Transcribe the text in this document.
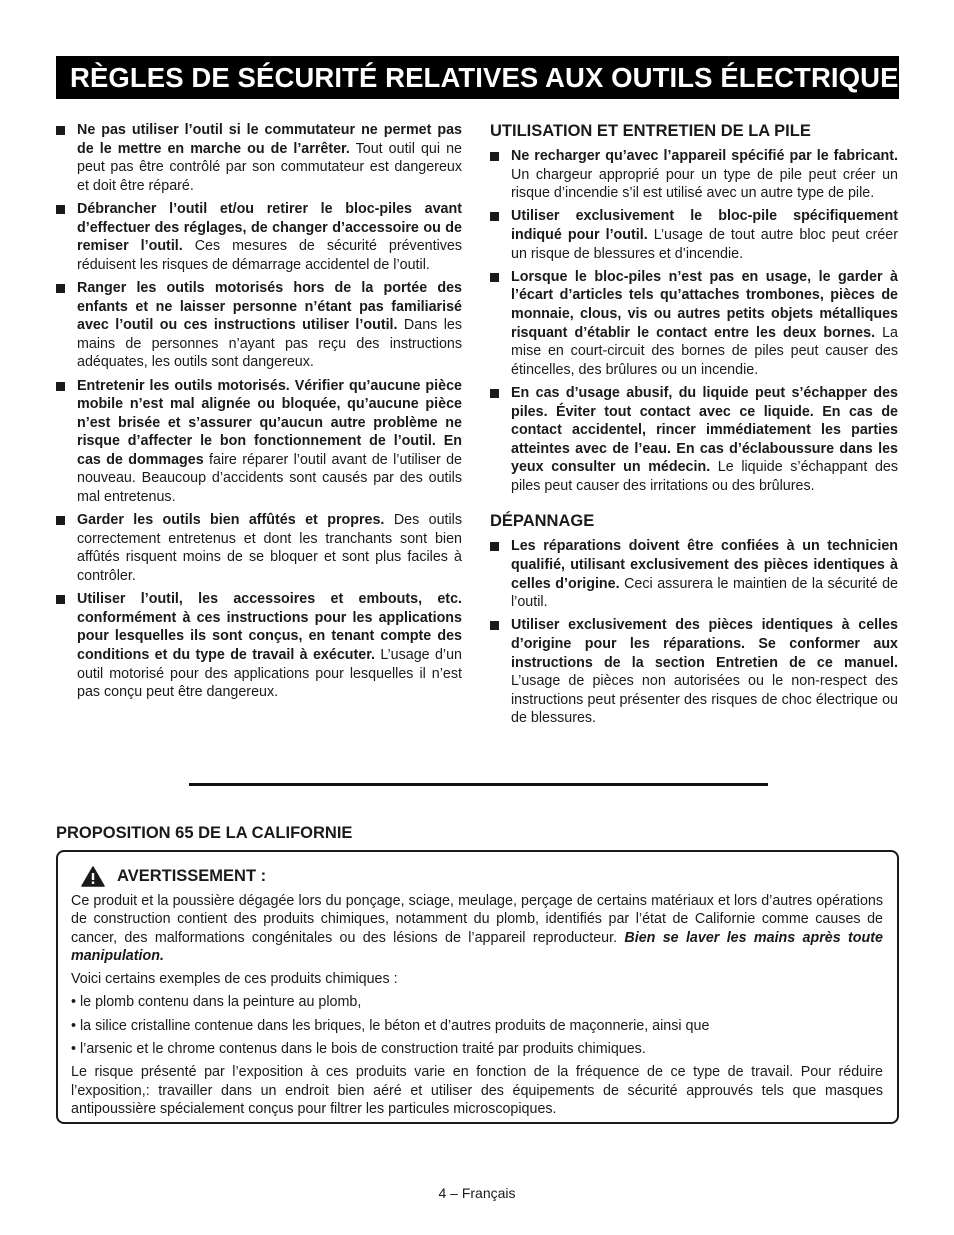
RÈGLES DE SÉCURITÉ RELATIVES AUX OUTILS ÉLECTRIQUES
Ne pas utiliser l’outil si le commutateur ne permet pas de le mettre en marche ou de l’arrêter. Tout outil qui ne peut pas être contrôlé par son commutateur est dangereux et doit être réparé.
Débrancher l’outil et/ou retirer le bloc-piles avant d’effectuer des réglages, de changer d’accessoire ou de remiser l’outil. Ces mesures de sécurité préventives réduisent les risques de démarrage accidentel de l’outil.
Ranger les outils motorisés hors de la portée des enfants et ne laisser personne n’étant pas familiarisé avec l’outil ou ces instructions utiliser l’outil. Dans les mains de personnes n’ayant pas reçu des instructions adéquates, les outils sont dangereux.
Entretenir les outils motorisés. Vérifier qu’aucune pièce mobile n’est mal alignée ou bloquée, qu’aucune pièce n’est brisée et s’assurer qu’aucun autre problème ne risque d’affecter le bon fonctionnement de l’outil. En cas de dommages faire réparer l’outil avant de l’utiliser de nouveau. Beaucoup d’accidents sont causés par des outils mal entretenus.
Garder les outils bien affûtés et propres. Des outils correctement entretenus et dont les tranchants sont bien affûtés risquent moins de se bloquer et sont plus faciles à contrôler.
Utiliser l’outil, les accessoires et embouts, etc. conformément à ces instructions pour les applications pour lesquelles ils sont conçus, en tenant compte des conditions et du type de travail à exécuter. L’usage d’un outil motorisé pour des applications pour lesquelles il n’est pas conçu peut être dangereux.
UTILISATION ET ENTRETIEN DE LA PILE
Ne recharger qu’avec l’appareil spécifié par le fabricant. Un chargeur approprié pour un type de pile peut créer un risque d’incendie s’il est utilisé avec un autre type de pile.
Utiliser exclusivement le bloc-pile spécifiquement indiqué pour l’outil. L’usage de tout autre bloc peut créer un risque de blessures et d’incendie.
Lorsque le bloc-piles n’est pas en usage, le garder à l’écart d’articles tels qu’attaches trombones, pièces de monnaie, clous, vis ou autres petits objets métalliques risquant d’établir le contact entre les deux bornes. La mise en court-circuit des bornes de piles peut causer des étincelles, des brûlures ou un incendie.
En cas d’usage abusif, du liquide peut s’échapper des piles. Éviter tout contact avec ce liquide. En cas de contact accidentel, rincer immédiatement les parties atteintes avec de l’eau. En cas d’éclaboussure dans les yeux consulter un médecin. Le liquide s’échappant des piles peut causer des irritations ou des brûlures.
DÉPANNAGE
Les réparations doivent être confiées à un technicien qualifié, utilisant exclusivement des pièces identiques à celles d’origine. Ceci assurera le maintien de la sécurité de l’outil.
Utiliser exclusivement des pièces identiques à celles d’origine pour les réparations. Se conformer aux instructions de la section Entretien de ce manuel. L’usage de pièces non autorisées ou le non-respect des instructions peut présenter des risques de choc électrique ou de blessures.
PROPOSITION 65 DE LA CALIFORNIE
AVERTISSEMENT :

Ce produit et la poussière dégagée lors du ponçage, sciage, meulage, perçage de certains matériaux et lors d’autres opérations de construction contient des produits chimiques, notamment du plomb, identifiés par l’état de Californie comme causes de cancer, des malformations congénitales ou des lésions de l’appareil reproducteur. Bien se laver les mains après toute manipulation.

Voici certains exemples de ces produits chimiques :

• le plomb contenu dans la peinture au plomb,

• la silice cristalline contenue dans les briques, le béton et d’autres produits de maçonnerie, ainsi que

• l’arsenic et le chrome contenus dans le bois de construction traité par produits chimiques.

Le risque présenté par l’exposition à ces produits varie en fonction de la fréquence de ce type de travail. Pour réduire l’exposition,: travailler dans un endroit bien aéré et utiliser des équipements de sécurité approuvés tels que masques antipoussière spécialement conçus pour filtrer les particules microscopiques.

4 – Français
